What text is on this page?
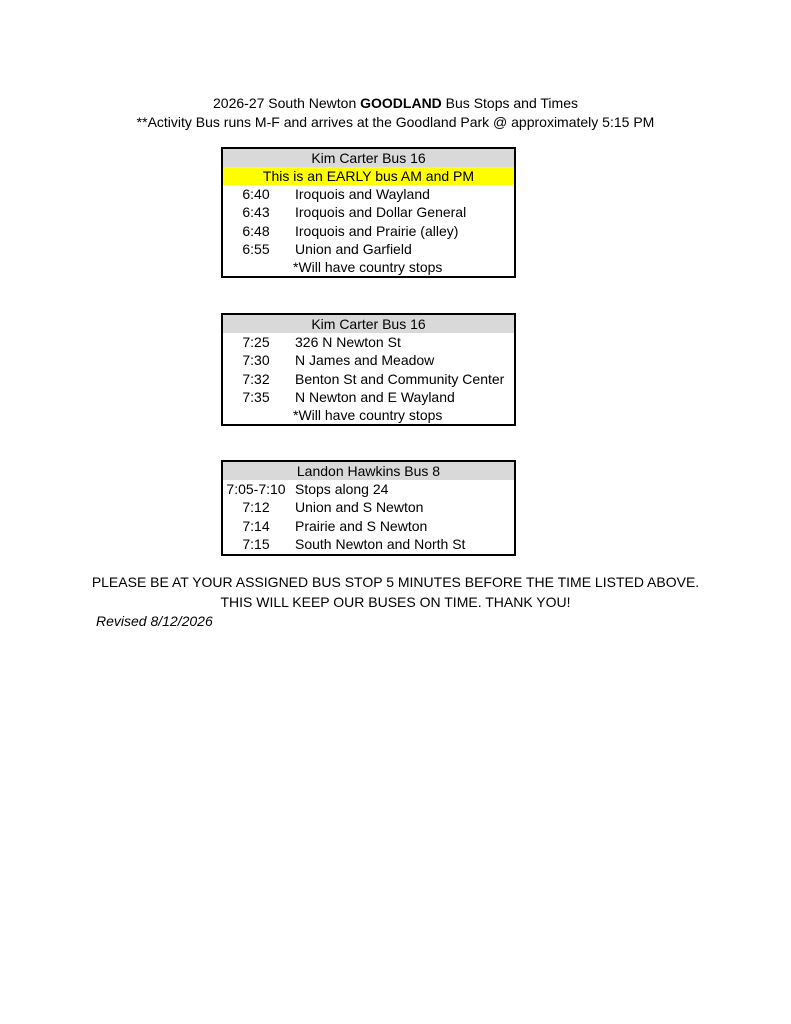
2026-27 South Newton GOODLAND Bus Stops and Times
**Activity Bus runs M-F and arrives at the Goodland Park @ approximately 5:15 PM
Kim Carter Bus 16
This is an EARLY bus AM and PM
6:40	Iroquois and Wayland
6:43	Iroquois and Dollar General
6:48	Iroquois and Prairie (alley)
6:55	Union and Garfield
*Will have country stops
Kim Carter Bus 16
7:25	326 N Newton St
7:30	N James and Meadow
7:32	Benton St and Community Center
7:35	N Newton and E Wayland
*Will have country stops
Landon Hawkins Bus 8
7:05-7:10 Stops along 24
7:12	Union and S Newton
7:14	Prairie and S Newton
7:15	South Newton and North St
PLEASE BE AT YOUR ASSIGNED BUS STOP 5 MINUTES BEFORE THE TIME LISTED ABOVE.
THIS WILL KEEP OUR BUSES ON TIME. THANK YOU!
Revised 8/12/2026
